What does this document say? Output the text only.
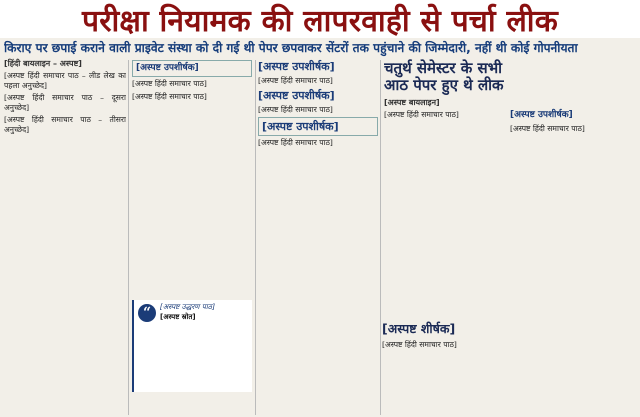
परीक्षा नियामक की लापरवाही से पर्चा लीक
किराए पर छपाई कराने वाली प्राइवेट संस्था को दी गई थी पेपर छपवाकर सेंटरों तक पहुंचाने की जिम्मेदारी, नहीं थी कोई गोपनीयता
[हिंदी बायलाइन – अस्पष्ट]

[अस्पष्ट हिंदी समाचार पाठ – लीड लेख का पहला अनुच्छेद]

[अस्पष्ट हिंदी समाचार पाठ – दूसरा अनुच्छेद]

[अस्पष्ट हिंदी समाचार पाठ – तीसरा अनुच्छेद]

[अस्पष्ट उपशीर्षक]

[अस्पष्ट हिंदी समाचार पाठ]

[अस्पष्ट हिंदी समाचार पाठ]

“	[अस्पष्ट उद्धरण पाठ]

[अस्पष्ट स्रोत]
[अस्पष्ट उपशीर्षक]

[अस्पष्ट हिंदी समाचार पाठ]

[अस्पष्ट उपशीर्षक]

[अस्पष्ट हिंदी समाचार पाठ]

[अस्पष्ट उपशीर्षक]

[अस्पष्ट हिंदी समाचार पाठ]

चतुर्थ सेमेस्टर के सभी आठ पेपर हुए थे लीक
[अस्पष्ट बायलाइन]

[अस्पष्ट हिंदी समाचार पाठ]	[अस्पष्ट उपशीर्षक]

[अस्पष्ट हिंदी समाचार पाठ]

[अस्पष्ट शीर्षक]

[अस्पष्ट हिंदी समाचार पाठ]
